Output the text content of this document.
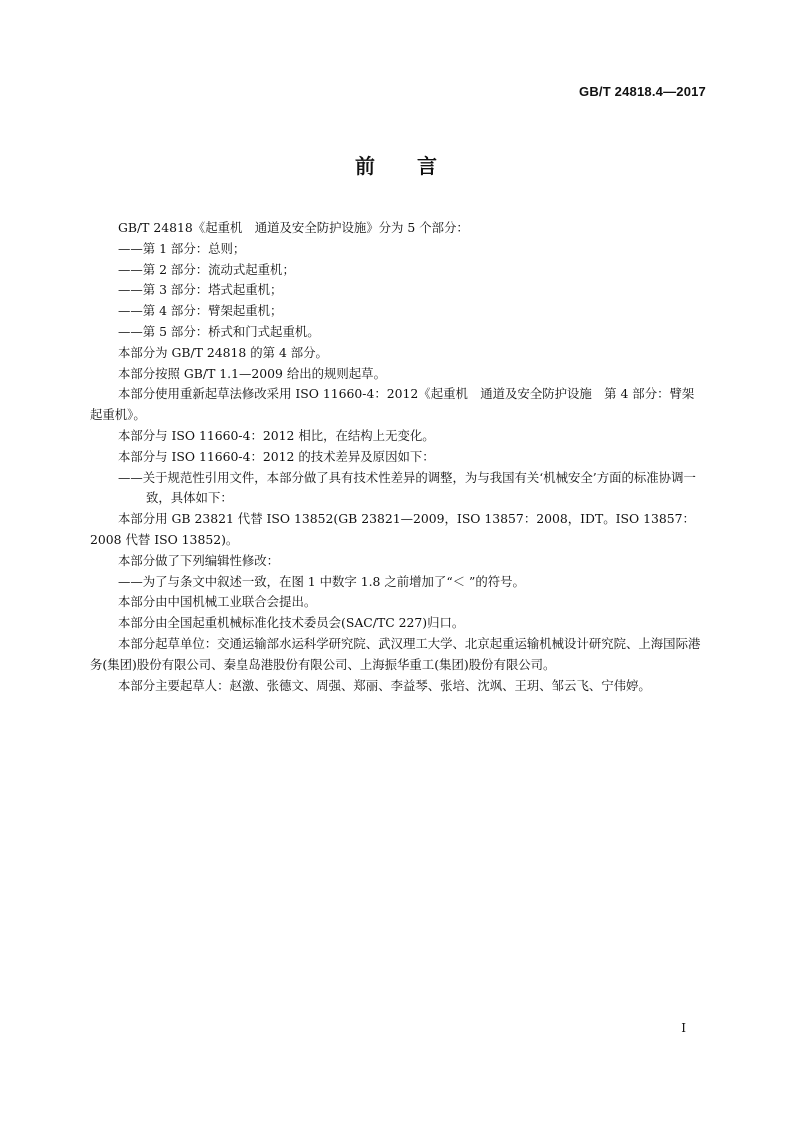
GB/T 24818.4—2017
前 言

GB/T 24818《起重机　通道及安全防护设施》分为 5 个部分：

——第 1 部分：总则；

——第 2 部分：流动式起重机；

——第 3 部分：塔式起重机；

——第 4 部分：臂架起重机；

——第 5 部分：桥式和门式起重机。

本部分为 GB/T 24818 的第 4 部分。

本部分按照 GB/T 1.1—2009 给出的规则起草。

本部分使用重新起草法修改采用 ISO 11660-4：2012《起重机　通道及安全防护设施　第 4 部分：臂架起重机》。

本部分与 ISO 11660-4：2012 相比，在结构上无变化。

本部分与 ISO 11660-4：2012 的技术差异及原因如下：

——关于规范性引用文件，本部分做了具有技术性差异的调整，为与我国有关‘机械安全’方面的标准协调一致，具体如下：

本部分用 GB 23821 代替 ISO 13852(GB 23821—2009，ISO 13857：2008，IDT。ISO 13857：2008 代替 ISO 13852)。

本部分做了下列编辑性修改：

——为了与条文中叙述一致，在图 1 中数字 1.8 之前增加了“＜ ”的符号。

本部分由中国机械工业联合会提出。

本部分由全国起重机械标准化技术委员会(SAC/TC 227)归口。

本部分起草单位：交通运输部水运科学研究院、武汉理工大学、北京起重运输机械设计研究院、上海国际港务(集团)股份有限公司、秦皇岛港股份有限公司、上海振华重工(集团)股份有限公司。

本部分主要起草人：赵激、张德文、周强、郑丽、李益琴、张培、沈飒、王玥、邹云飞、宁伟婷。

I
